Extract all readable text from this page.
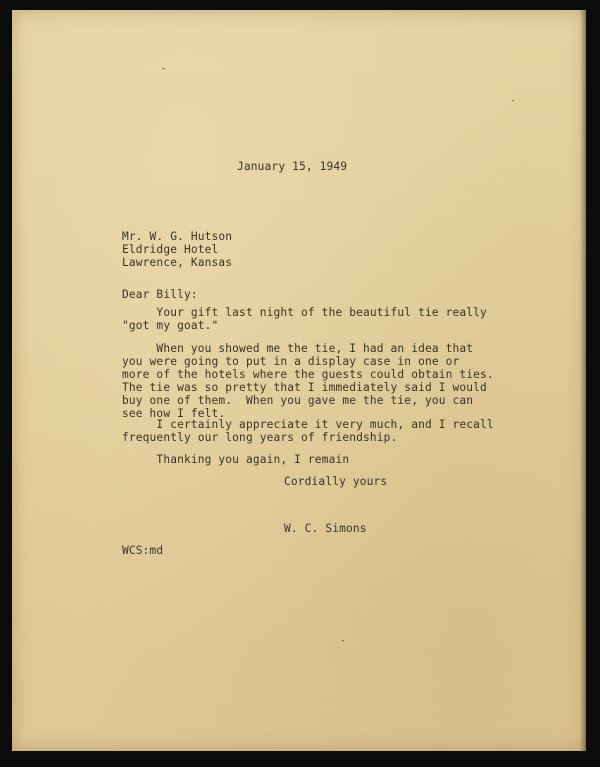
January 15, 1949
Mr. W. G. Hutson
Eldridge Hotel
Lawrence, Kansas
Dear Billy:
Your gift last night of the beautiful tie really
"got my goat."
When you showed me the tie, I had an idea that
you were going to put in a display case in one or
more of the hotels where the guests could obtain ties.
The tie was so pretty that I immediately said I would
buy one of them.  When you gave me the tie, you can
see how I felt.
I certainly appreciate it very much, and I recall
frequently our long years of friendship.
Thanking you again, I remain
Cordially yours
W. C. Simons
WCS:md
